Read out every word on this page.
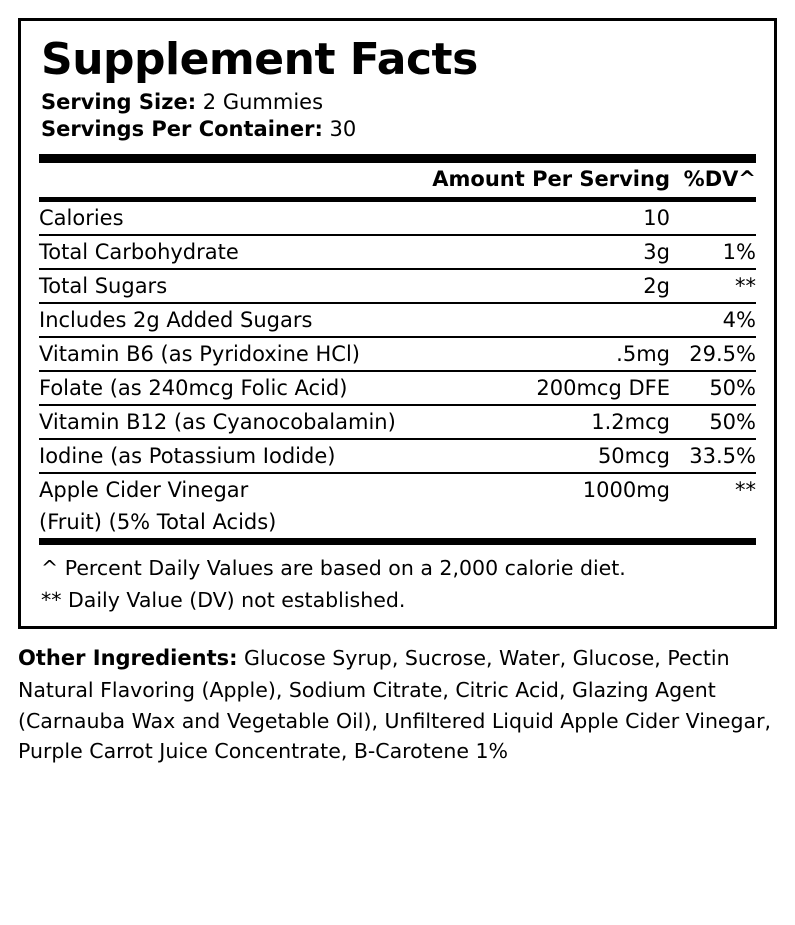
Supplement Facts
Serving Size: 2 Gummies
Servings Per Container: 30
	Amount Per Serving	%DV^

Calories	10	
Total Carbohydrate	3g	1%
Total Sugars	2g	**
Includes 2g Added Sugars		4%
Vitamin B6 (as Pyridoxine HCl)	.5mg	29.5%
Folate (as 240mcg Folic Acid)	200mcg DFE	50%
Vitamin B12 (as Cyanocobalamin)	1.2mcg	50%
Iodine (as Potassium Iodide)	50mcg	33.5%
Apple Cider Vinegar	1000mg	**
(Fruit) (5% Total Acids)		
^ Percent Daily Values are based on a 2,000 calorie diet.
** Daily Value (DV) not established.
Other Ingredients: Glucose Syrup, Sucrose, Water, Glucose, Pectin Natural Flavoring (Apple), Sodium Citrate, Citric Acid, Glazing Agent (Carnauba Wax and Vegetable Oil), Unfiltered Liquid Apple Cider Vinegar, Purple Carrot Juice Concentrate, B-Carotene 1%
